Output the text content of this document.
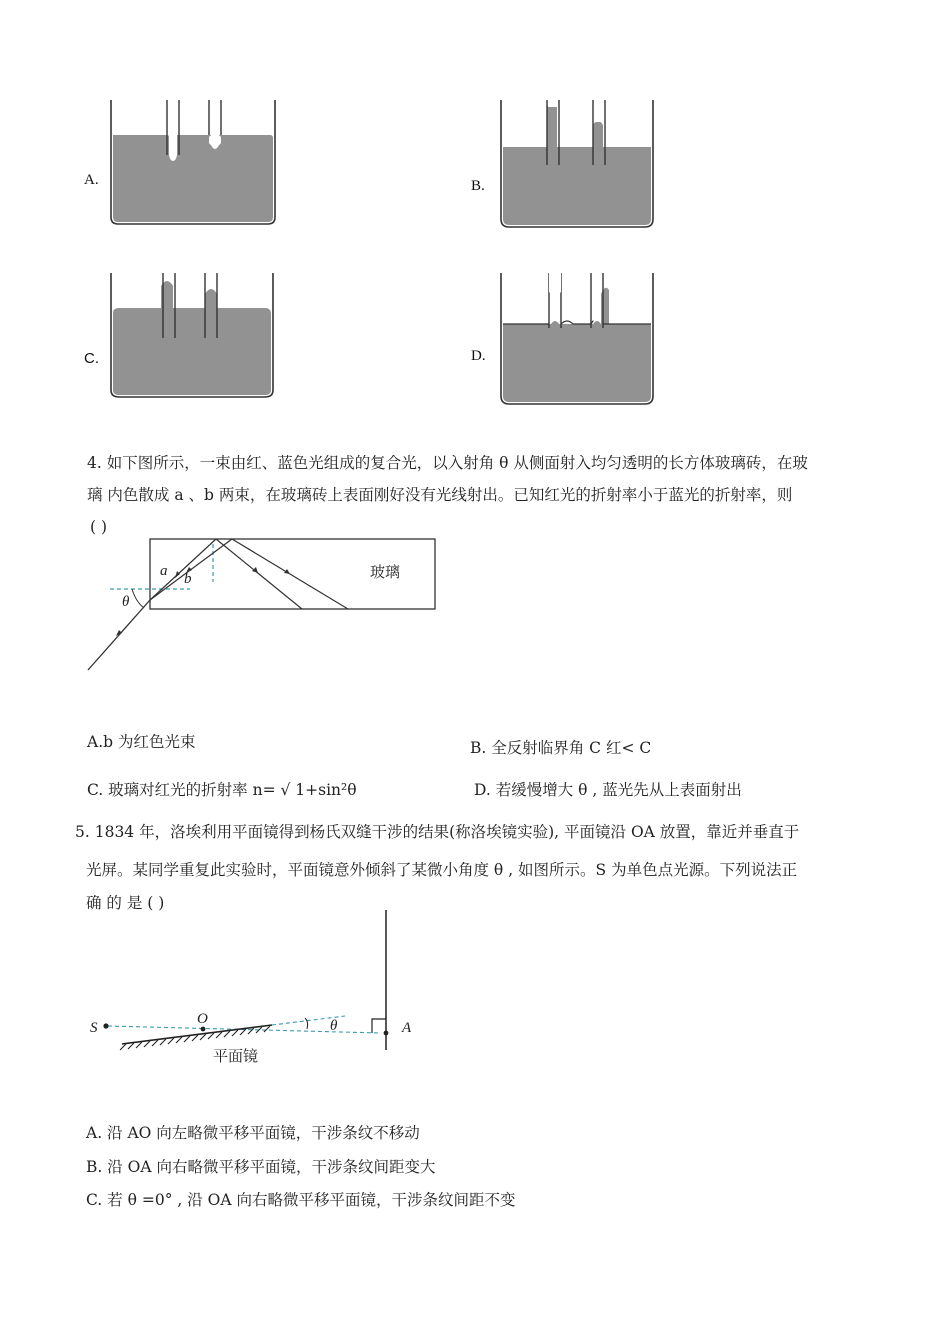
A.	B.
C.	D.
4. 如下图所示，一束由红、蓝色光组成的复合光，以入射角 θ 从侧面射入均匀透明的长方体玻璃砖，在玻
璃 内色散成 a 、b 两束，在玻璃砖上表面刚好没有光线射出。已知红光的折射率小于蓝光的折射率，则
( )
a b
θ
玻璃
A.b 为红色光束	B. 全反射临界角 C 红< C
C. 玻璃对红光的折射率 n= √ 1+sin²θ	D. 若缓慢增大 θ , 蓝光先从上表面射出
5. 1834 年，洛埃利用平面镜得到杨氏双缝干涉的结果(称洛埃镜实验), 平面镜沿 OA 放置，靠近并垂直于
光屏。某同学重复此实验时，平面镜意外倾斜了某微小角度 θ , 如图所示。S 为单色点光源。下列说法正
确 的 是 ( )
S
O	θ	A
平面镜
A. 沿 AO 向左略微平移平面镜，干涉条纹不移动
B. 沿 OA 向右略微平移平面镜，干涉条纹间距变大
C. 若 θ =0° , 沿 OA 向右略微平移平面镜，干涉条纹间距不变
